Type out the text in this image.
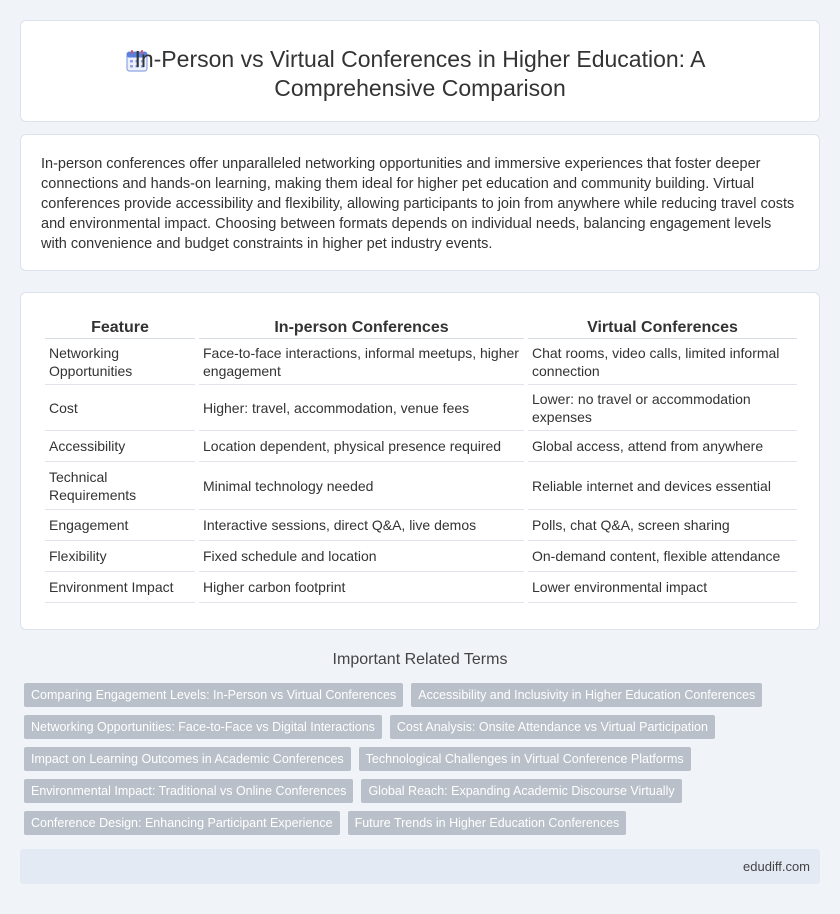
In-Person vs Virtual Conferences in Higher Education: A Comprehensive Comparison

In-person conferences offer unparalleled networking opportunities and immersive experiences that foster deeper connections and hands-on learning, making them ideal for higher pet education and community building. Virtual conferences provide accessibility and flexibility, allowing participants to join from anywhere while reducing travel costs and environmental impact. Choosing between formats depends on individual needs, balancing engagement levels with convenience and budget constraints in higher pet industry events.

Feature	In-person Conferences	Virtual Conferences
Networking Opportunities	Face-to-face interactions, informal meetups, higher engagement	Chat rooms, video calls, limited informal connection
Cost	Higher: travel, accommodation, venue fees	Lower: no travel or accommodation expenses
Accessibility	Location dependent, physical presence required	Global access, attend from anywhere
Technical Requirements	Minimal technology needed	Reliable internet and devices essential
Engagement	Interactive sessions, direct Q&A, live demos	Polls, chat Q&A, screen sharing
Flexibility	Fixed schedule and location	On-demand content, flexible attendance
Environment Impact	Higher carbon footprint	Lower environmental impact
Important Related Terms
Comparing Engagement Levels: In-Person vs Virtual Conferences	Accessibility and Inclusivity in Higher Education Conferences
Networking Opportunities: Face-to-Face vs Digital Interactions	Cost Analysis: Onsite Attendance vs Virtual Participation
Impact on Learning Outcomes in Academic Conferences	Technological Challenges in Virtual Conference Platforms
Environmental Impact: Traditional vs Online Conferences	Global Reach: Expanding Academic Discourse Virtually
Conference Design: Enhancing Participant Experience	Future Trends in Higher Education Conferences
edudiff.com
